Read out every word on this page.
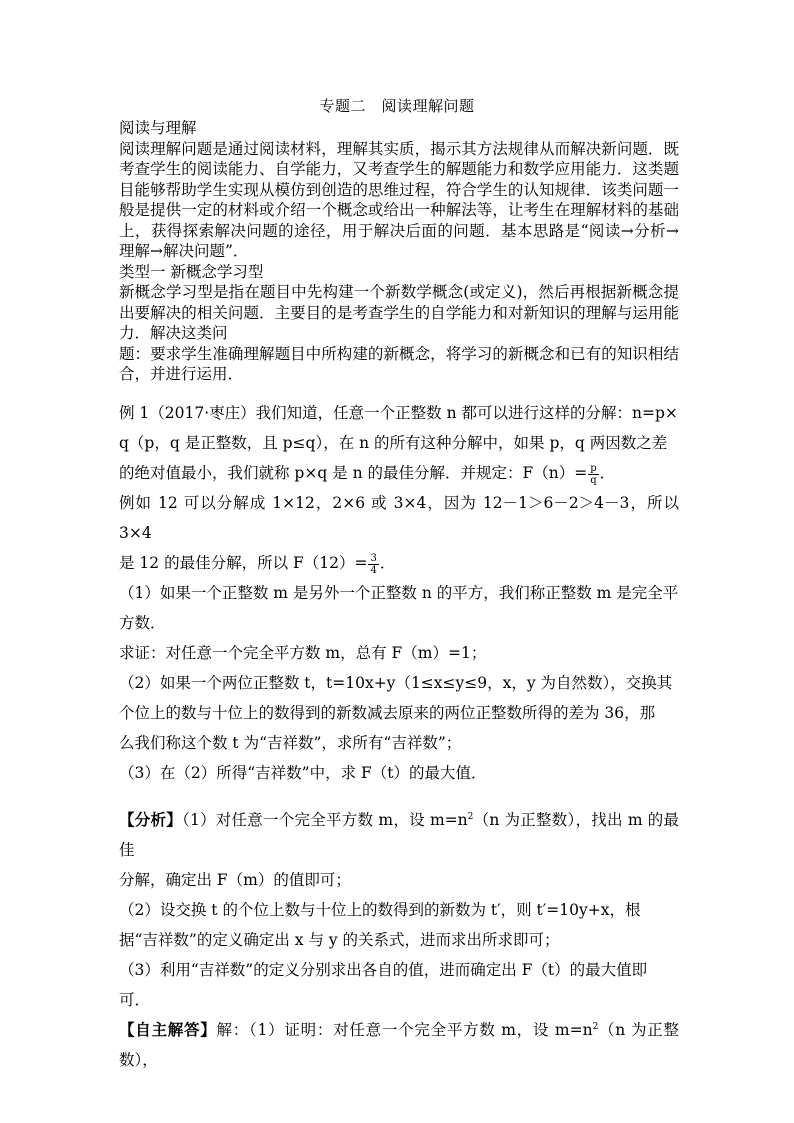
专题二　阅读理解问题

阅读与理解

阅读理解问题是通过阅读材料，理解其实质，揭示其方法规律从而解决新问题．既考查学生的阅读能力、自学能力，又考查学生的解题能力和数学应用能力．这类题目能够帮助学生实现从模仿到创造的思维过程，符合学生的认知规律．该类问题一般是提供一定的材料或介绍一个概念或给出一种解法等，让考生在理解材料的基础上，获得探索解决问题的途径，用于解决后面的问题．基本思路是“阅读→分析→理解→解决问题”．

类型一 新概念学习型

新概念学习型是指在题目中先构建一个新数学概念(或定义)，然后再根据新概念提出要解决的相关问题．主要目的是考查学生的自学能力和对新知识的理解与运用能力．解决这类问

题：要求学生准确理解题目中所构建的新概念，将学习的新概念和已有的知识相结合，并进行运用．

例 1（2017·枣庄）我们知道，任意一个正整数 n 都可以进行这样的分解：n=p×

q（p，q 是正整数，且 p≤q），在 n 的所有这种分解中，如果 p，q 两因数之差

的绝对值最小，我们就称 p×q 是 n 的最佳分解．并规定：$F(n)= \frac{p}{q}$ ．

例如 12 可以分解成 1×12，2×6 或 3×4，因为 12－1＞6－2＞4－3，所以 3×4

是 12 的最佳分解，所以 $F(12)= \frac{3}{4}$ ．

（1）如果一个正整数 m 是另外一个正整数 n 的平方，我们称正整数 m 是完全平

方数．

求证：对任意一个完全平方数 m，总有 F（m）=1；

（2）如果一个两位正整数 t，t=10x+y（1≤x≤y≤9，x，y 为自然数），交换其

个位上的数与十位上的数得到的新数减去原来的两位正整数所得的差为 36，那

么我们称这个数 t 为“吉祥数”，求所有“吉祥数”；

（3）在（2）所得“吉祥数”中，求 F（t）的最大值．

【分析】（1）对任意一个完全平方数 m，设 $m=n^2(n$ 为正整数），找出 m 的最佳

分解，确定出 F（m）的值即可；

（2）设交换 t 的个位上数与十位上的数得到的新数为 t′，则 t′=10y+x，根

据“吉祥数”的定义确定出 x 与 y 的关系式，进而求出所求即可；

（3）利用“吉祥数”的定义分别求出各自的值，进而确定出 F（t）的最大值即

可．

【自主解答】解：（1）证明：对任意一个完全平方数 m，设 $m=n^2(n$ 为正整数），
